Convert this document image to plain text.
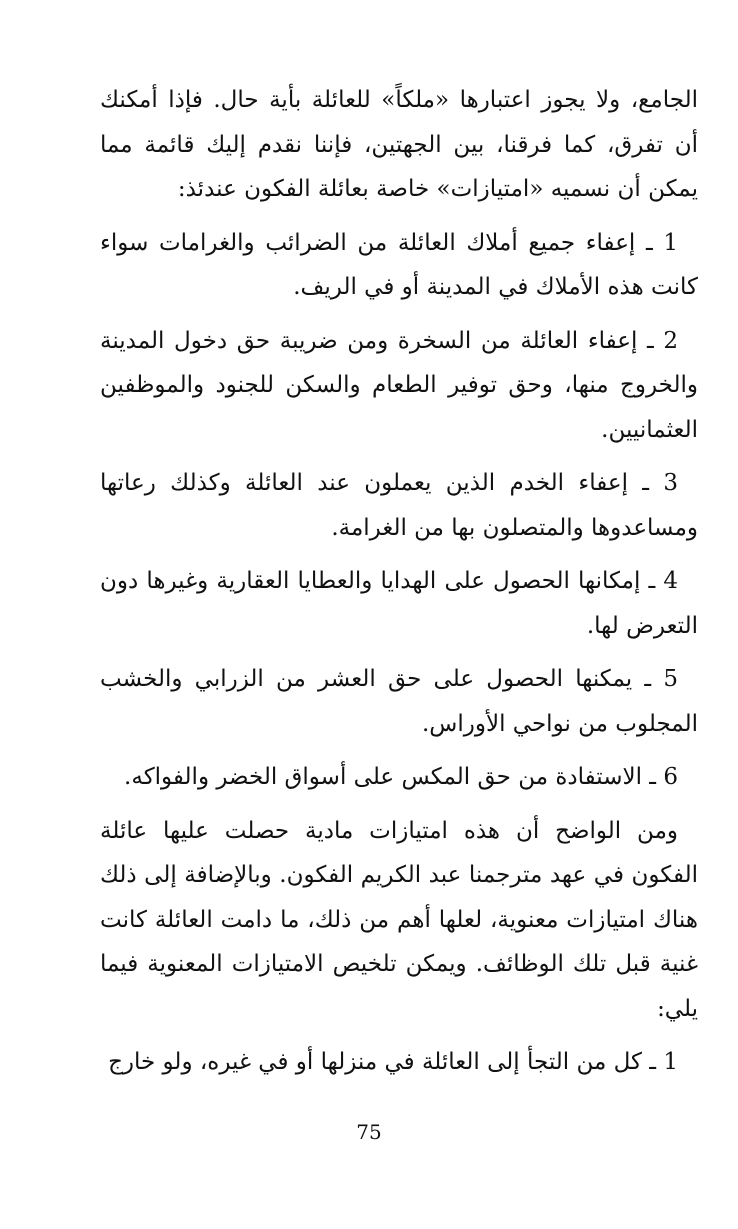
الجامع، ولا يجوز اعتبارها «ملكاً» للعائلة بأية حال. فإذا أمكنك أن تفرق، كما فرقنا، بين الجهتين، فإننا نقدم إليك قائمة مما يمكن أن نسميه «امتيازات» خاصة بعائلة الفكون عندئذ:

1 ـ إعفاء جميع أملاك العائلة من الضرائب والغرامات سواء كانت هذه الأملاك في المدينة أو في الريف.

2 ـ إعفاء العائلة من السخرة ومن ضريبة حق دخول المدينة والخروج منها، وحق توفير الطعام والسكن للجنود والموظفين العثمانيين.

3 ـ إعفاء الخدم الذين يعملون عند العائلة وكذلك رعاتها ومساعدوها والمتصلون بها من الغرامة.

4 ـ إمكانها الحصول على الهدايا والعطايا العقارية وغيرها دون التعرض لها.

5 ـ يمكنها الحصول على حق العشر من الزرابي والخشب المجلوب من نواحي الأوراس.

6 ـ الاستفادة من حق المكس على أسواق الخضر والفواكه.

ومن الواضح أن هذه امتيازات مادية حصلت عليها عائلة الفكون في عهد مترجمنا عبد الكريم الفكون. وبالإضافة إلى ذلك هناك امتيازات معنوية، لعلها أهم من ذلك، ما دامت العائلة كانت غنية قبل تلك الوظائف. ويمكن تلخيص الامتيازات المعنوية فيما يلي:

1 ـ كل من التجأ إلى العائلة في منزلها أو في غيره، ولو خارج

75
